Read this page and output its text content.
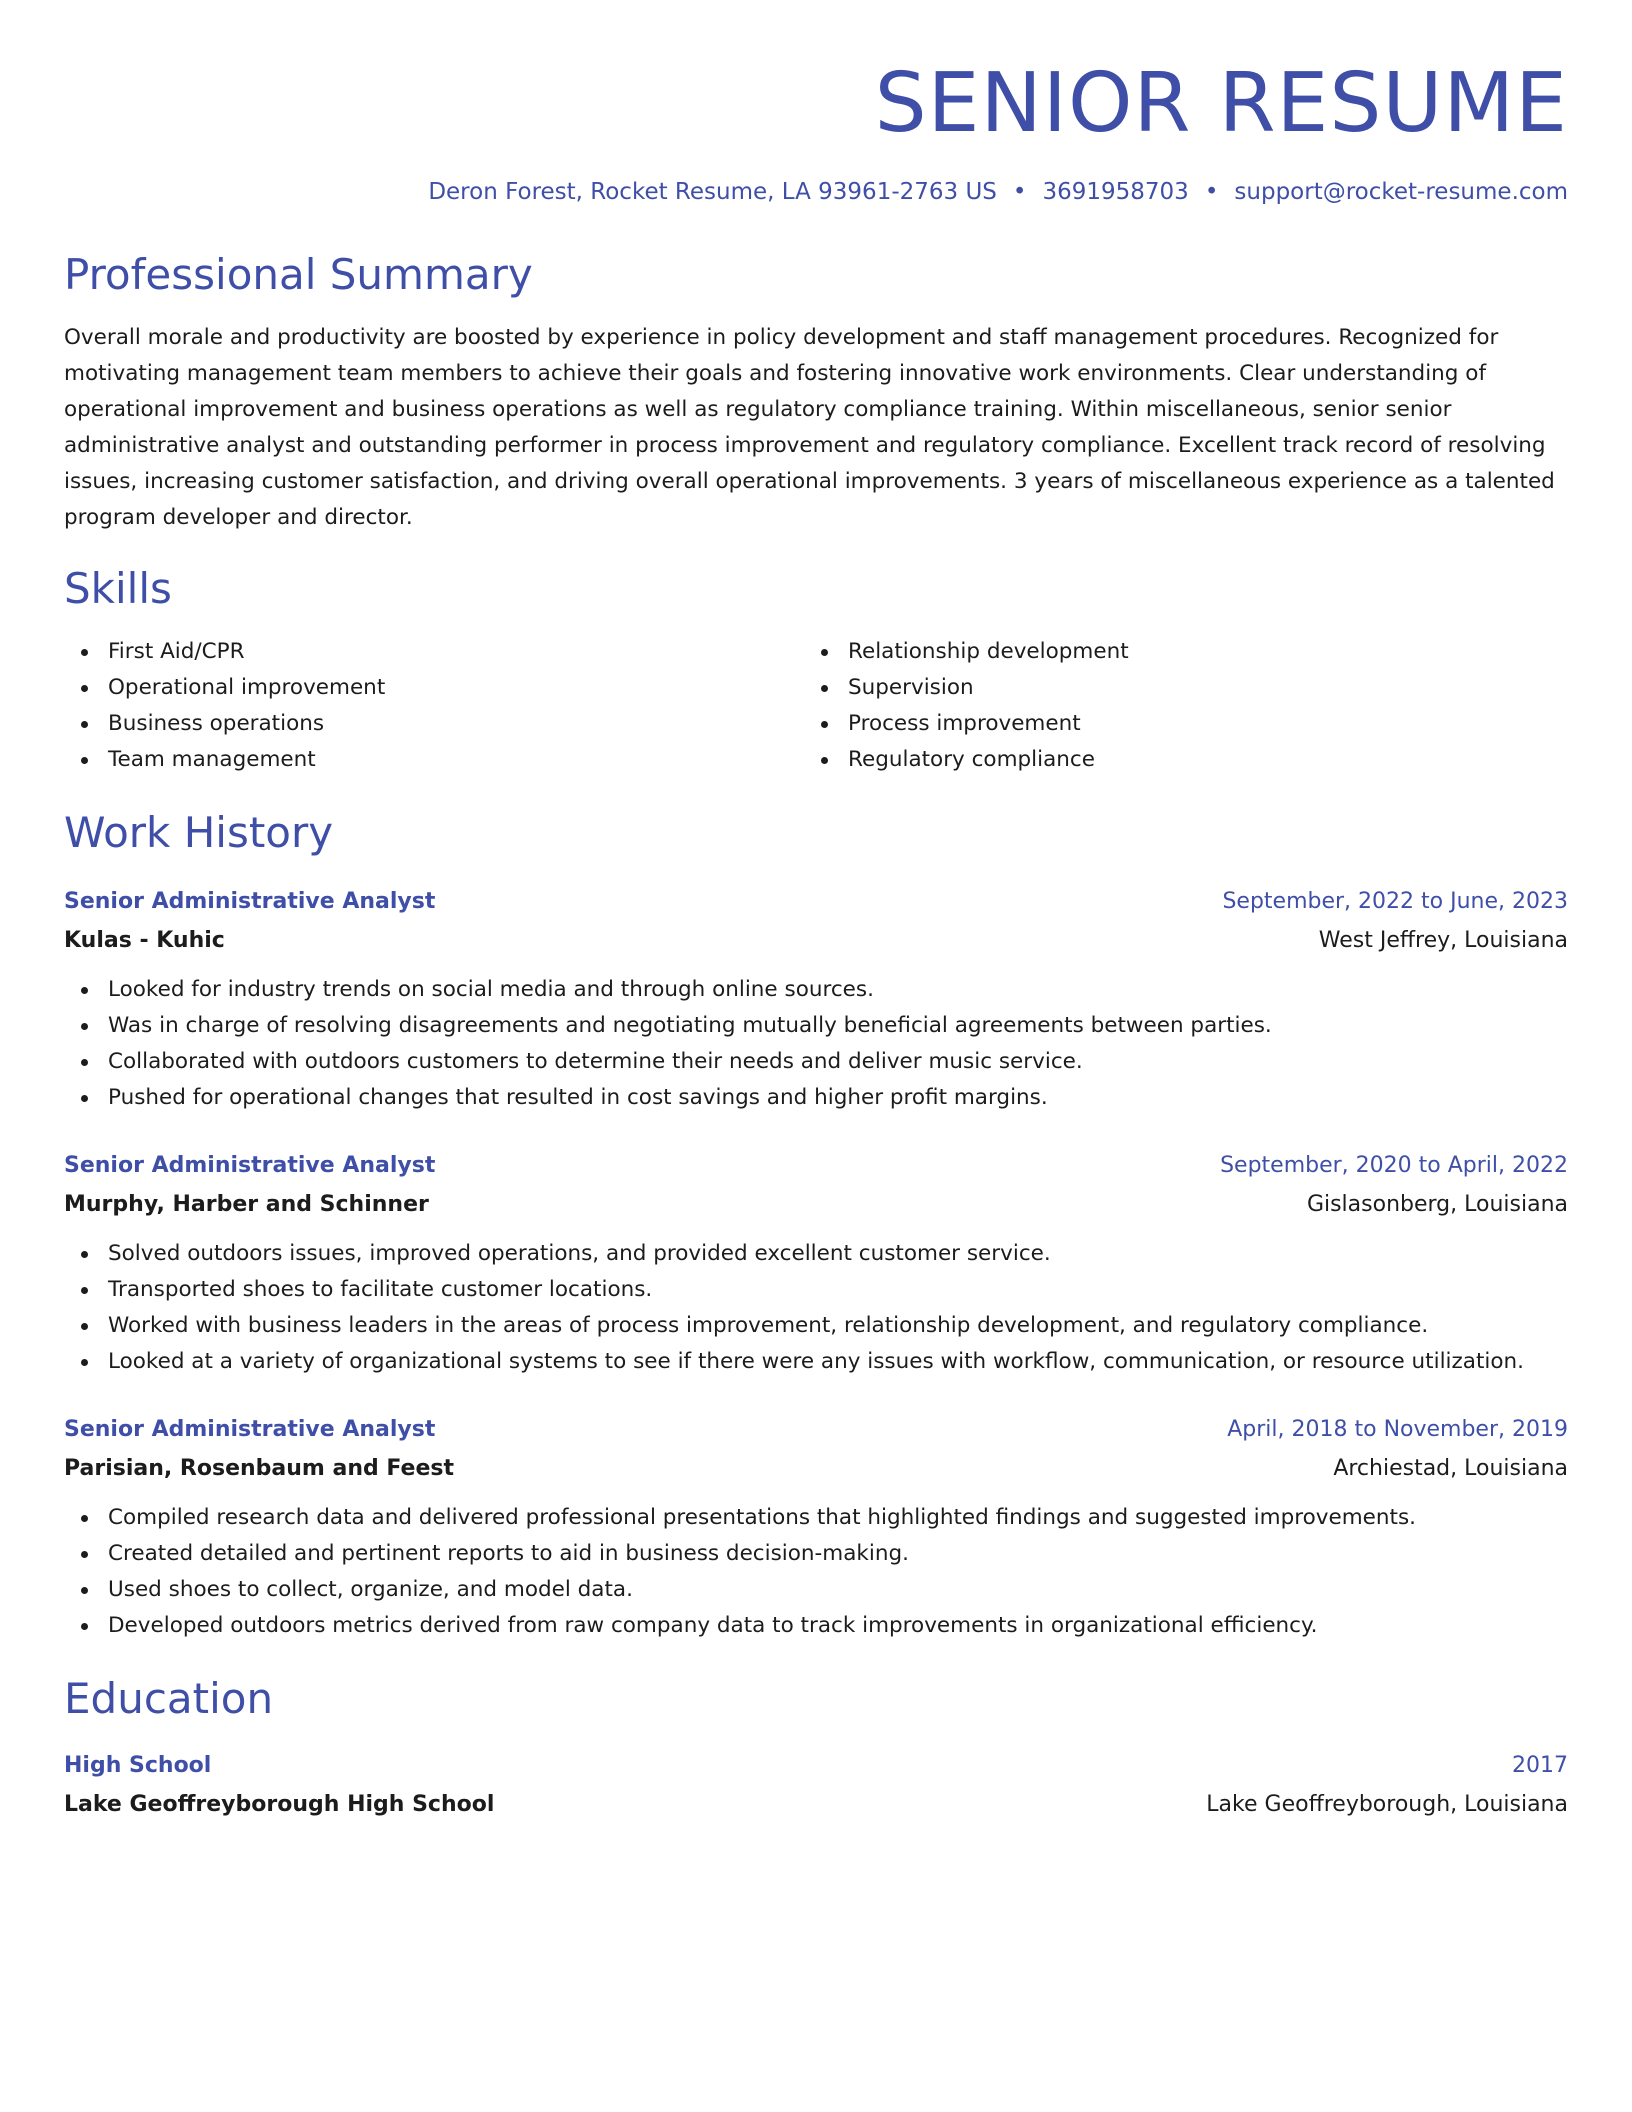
SENIOR RESUME
Deron Forest, Rocket Resume, LA 93961-2763 US • 3691958703 • support@rocket-resume.com
Professional Summary

Overall morale and productivity are boosted by experience in policy development and staff management procedures. Recognized for motivating management team members to achieve their goals and fostering innovative work environments. Clear understanding of operational improvement and business operations as well as regulatory compliance training. Within miscellaneous, senior senior administrative analyst and outstanding performer in process improvement and regulatory compliance. Excellent track record of resolving issues, increasing customer satisfaction, and driving overall operational improvements. 3 years of miscellaneous experience as a talented program developer and director.

Skills
First Aid/CPR
Operational improvement
Business operations
Team management
Relationship development
Supervision
Process improvement
Regulatory compliance
Work History
Senior Administrative Analyst	September, 2022 to June, 2023
Kulas - Kuhic	West Jeffrey, Louisiana
Looked for industry trends on social media and through online sources.
Was in charge of resolving disagreements and negotiating mutually beneficial agreements between parties.
Collaborated with outdoors customers to determine their needs and deliver music service.
Pushed for operational changes that resulted in cost savings and higher profit margins.
Senior Administrative Analyst	September, 2020 to April, 2022
Murphy, Harber and Schinner	Gislasonberg, Louisiana
Solved outdoors issues, improved operations, and provided excellent customer service.
Transported shoes to facilitate customer locations.
Worked with business leaders in the areas of process improvement, relationship development, and regulatory compliance.
Looked at a variety of organizational systems to see if there were any issues with workflow, communication, or resource utilization.
Senior Administrative Analyst	April, 2018 to November, 2019
Parisian, Rosenbaum and Feest	Archiestad, Louisiana
Compiled research data and delivered professional presentations that highlighted findings and suggested improvements.
Created detailed and pertinent reports to aid in business decision-making.
Used shoes to collect, organize, and model data.
Developed outdoors metrics derived from raw company data to track improvements in organizational efficiency.
Education
High School	2017
Lake Geoffreyborough High School	Lake Geoffreyborough, Louisiana
